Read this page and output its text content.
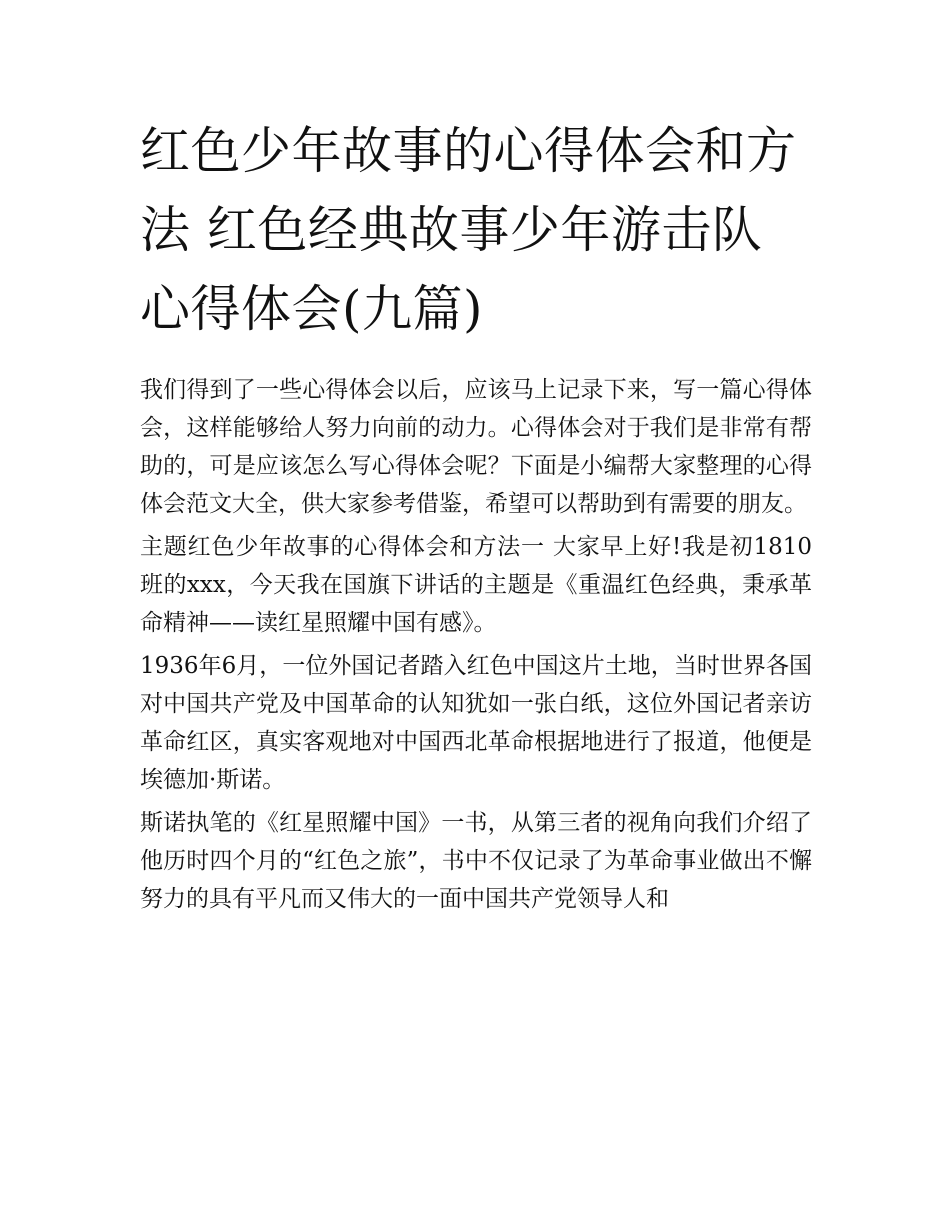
红色少年故事的心得体会和方法 红色经典故事少年游击队心得体会(九篇)

我们得到了一些心得体会以后，应该马上记录下来，写一篇心得体会，这样能够给人努力向前的动力。心得体会对于我们是非常有帮助的，可是应该怎么写心得体会呢？下面是小编帮大家整理的心得体会范文大全，供大家参考借鉴，希望可以帮助到有需要的朋友。

主题红色少年故事的心得体会和方法一 大家早上好!我是初1810班的xxx，今天我在国旗下讲话的主题是《重温红色经典，秉承革命精神——读红星照耀中国有感》。

1936年6月，一位外国记者踏入红色中国这片土地，当时世界各国对中国共产党及中国革命的认知犹如一张白纸，这位外国记者亲访革命红区，真实客观地对中国西北革命根据地进行了报道，他便是埃德加·斯诺。

斯诺执笔的《红星照耀中国》一书，从第三者的视角向我们介绍了他历时四个月的“红色之旅”，书中不仅记录了为革命事业做出不懈努力的具有平凡而又伟大的一面中国共产党领导人和
